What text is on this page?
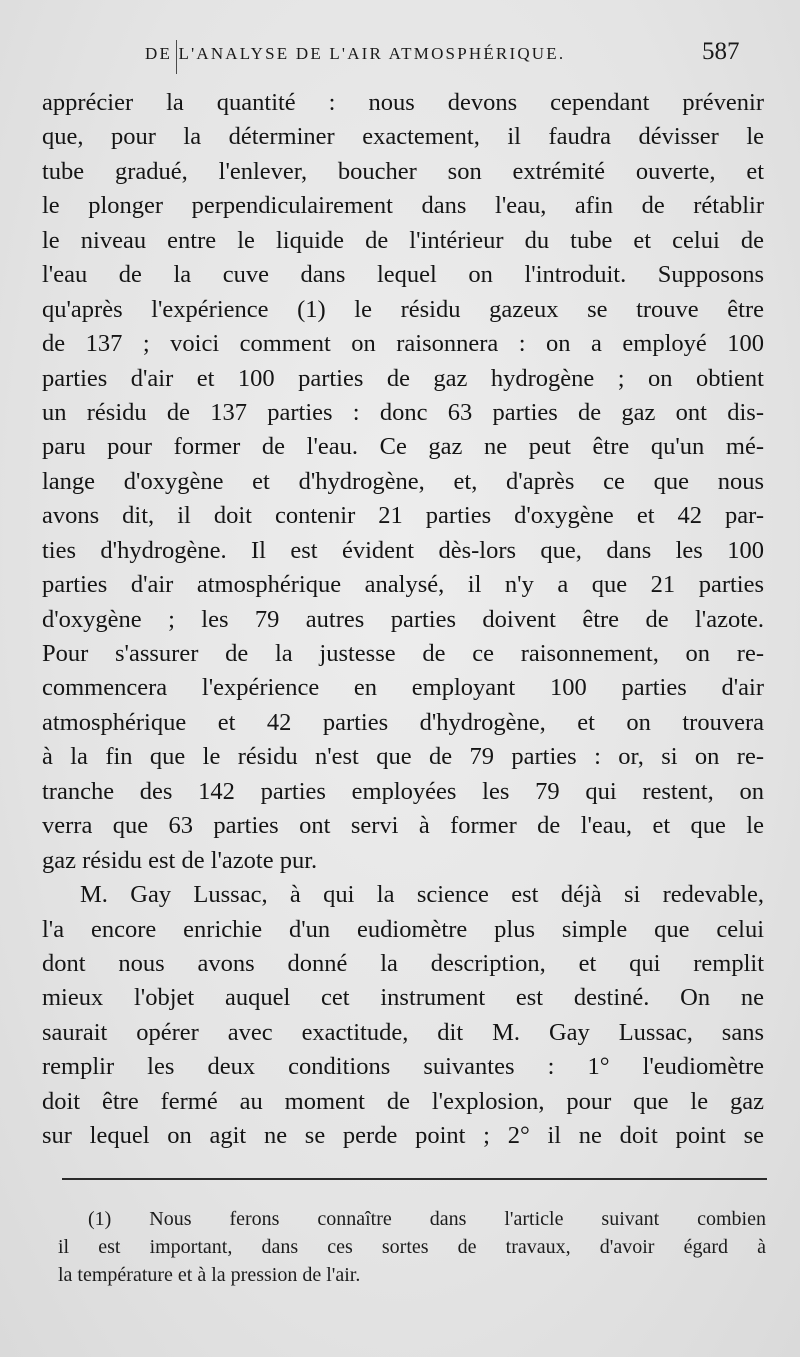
DE L'ANALYSE DE L'AIR ATMOSPHÉRIQUE.	587
apprécier la quantité : nous devons cependant prévenir
que, pour la déterminer exactement, il faudra dévisser le
tube gradué, l'enlever, boucher son extrémité ouverte, et
le plonger perpendiculairement dans l'eau, afin de rétablir
le niveau entre le liquide de l'intérieur du tube et celui de
l'eau de la cuve dans lequel on l'introduit. Supposons
qu'après l'expérience (1) le résidu gazeux se trouve être
de 137 ; voici comment on raisonnera : on a employé 100
parties d'air et 100 parties de gaz hydrogène ; on obtient
un résidu de 137 parties : donc 63 parties de gaz ont dis-
paru pour former de l'eau. Ce gaz ne peut être qu'un mé-
lange d'oxygène et d'hydrogène, et, d'après ce que nous
avons dit, il doit contenir 21 parties d'oxygène et 42 par-
ties d'hydrogène. Il est évident dès-lors que, dans les 100
parties d'air atmosphérique analysé, il n'y a que 21 parties
d'oxygène ; les 79 autres parties doivent être de l'azote.
Pour s'assurer de la justesse de ce raisonnement, on re-
commencera l'expérience en employant 100 parties d'air
atmosphérique et 42 parties d'hydrogène, et on trouvera
à la fin que le résidu n'est que de 79 parties : or, si on re-
tranche des 142 parties employées les 79 qui restent, on
verra que 63 parties ont servi à former de l'eau, et que le
gaz résidu est de l'azote pur.
M. Gay Lussac, à qui la science est déjà si redevable,
l'a encore enrichie d'un eudiomètre plus simple que celui
dont nous avons donné la description, et qui remplit
mieux l'objet auquel cet instrument est destiné. On ne
saurait opérer avec exactitude, dit M. Gay Lussac, sans
remplir les deux conditions suivantes : 1° l'eudiomètre
doit être fermé au moment de l'explosion, pour que le gaz
sur lequel on agit ne se perde point ; 2° il ne doit point se
(1) Nous ferons connaître dans l'article suivant combien
il est important, dans ces sortes de travaux, d'avoir égard à
la température et à la pression de l'air.
